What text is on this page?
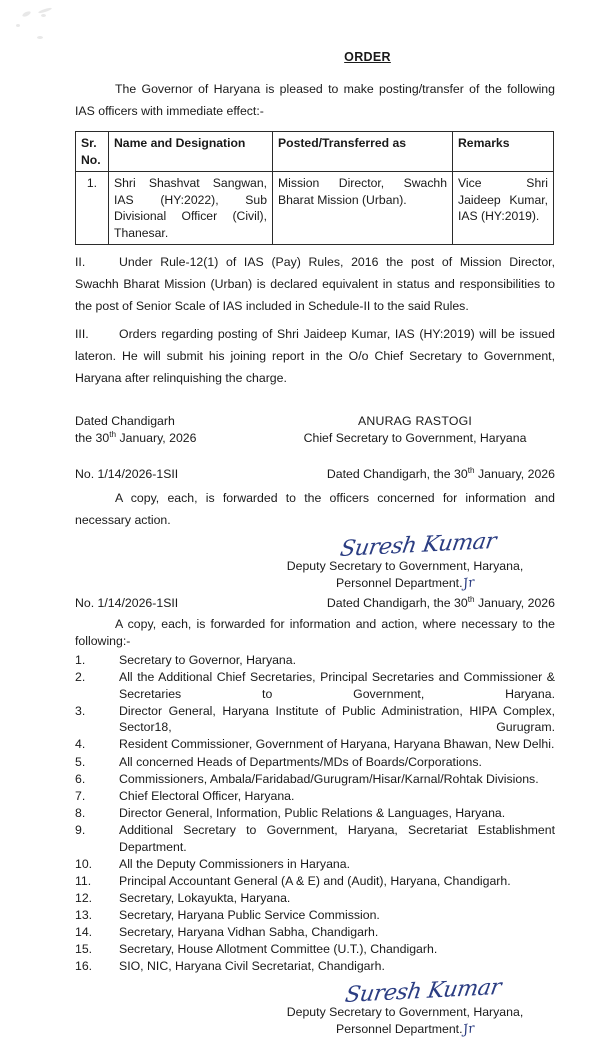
ORDER
The Governor of Haryana is pleased to make posting/transfer of the following IAS officers with immediate effect:-
Sr. No.	Name and Designation	Posted/Transferred as	Remarks
1.	Shri Shashvat Sangwan, IAS (HY:2022), Sub Divisional Officer (Civil), Thanesar.	Mission Director, Swachh Bharat Mission (Urban).	Vice Shri Jaideep Kumar, IAS (HY:2019).
II.	Under Rule-12(1) of IAS (Pay) Rules, 2016 the post of Mission Director, Swachh Bharat Mission (Urban) is declared equivalent in status and responsibilities to the post of Senior Scale of IAS included in Schedule-II to the said Rules.
III. Orders regarding posting of Shri Jaideep Kumar, IAS (HY:2019) will be issued lateron. He will submit his joining report in the O/o Chief Secretary to Government, Haryana after relinquishing the charge.
Dated Chandigarh
the 30th January, 2026
ANURAG RASTOGI
Chief Secretary to Government, Haryana
No. 1/14/2026-1SII	Dated Chandigarh, the 30th January, 2026
A copy, each, is forwarded to the officers concerned for information and necessary action.
Suresh Kumar
Deputy Secretary to Government, Haryana,
Personnel Department.Jr
No. 1/14/2026-1SII	Dated Chandigarh, the 30th January, 2026
A copy, each, is forwarded for information and action, where necessary to the
following:-
1.	Secretary to Governor, Haryana.
2.	All the Additional Chief Secretaries, Principal Secretaries and Commissioner & Secretaries to Government, Haryana.
3.	Director General, Haryana Institute of Public Administration, HIPA Complex, Sector18, Gurugram.
4.	Resident Commissioner, Government of Haryana, Haryana Bhawan, New Delhi.
5.	All concerned Heads of Departments/MDs of Boards/Corporations.
6.	Commissioners, Ambala/Faridabad/Gurugram/Hisar/Karnal/Rohtak Divisions.
7.	Chief Electoral Officer, Haryana.
8.	Director General, Information, Public Relations & Languages, Haryana.
9.	Additional Secretary to Government, Haryana, Secretariat Establishment Department.
10.	All the Deputy Commissioners in Haryana.
11.	Principal Accountant General (A & E) and (Audit), Haryana, Chandigarh.
12.	Secretary, Lokayukta, Haryana.
13.	Secretary, Haryana Public Service Commission.
14.	Secretary, Haryana Vidhan Sabha, Chandigarh.
15.	Secretary, House Allotment Committee (U.T.), Chandigarh.
16.	SIO, NIC, Haryana Civil Secretariat, Chandigarh.
Suresh Kumar
Deputy Secretary to Government, Haryana,
Personnel Department.Jr
